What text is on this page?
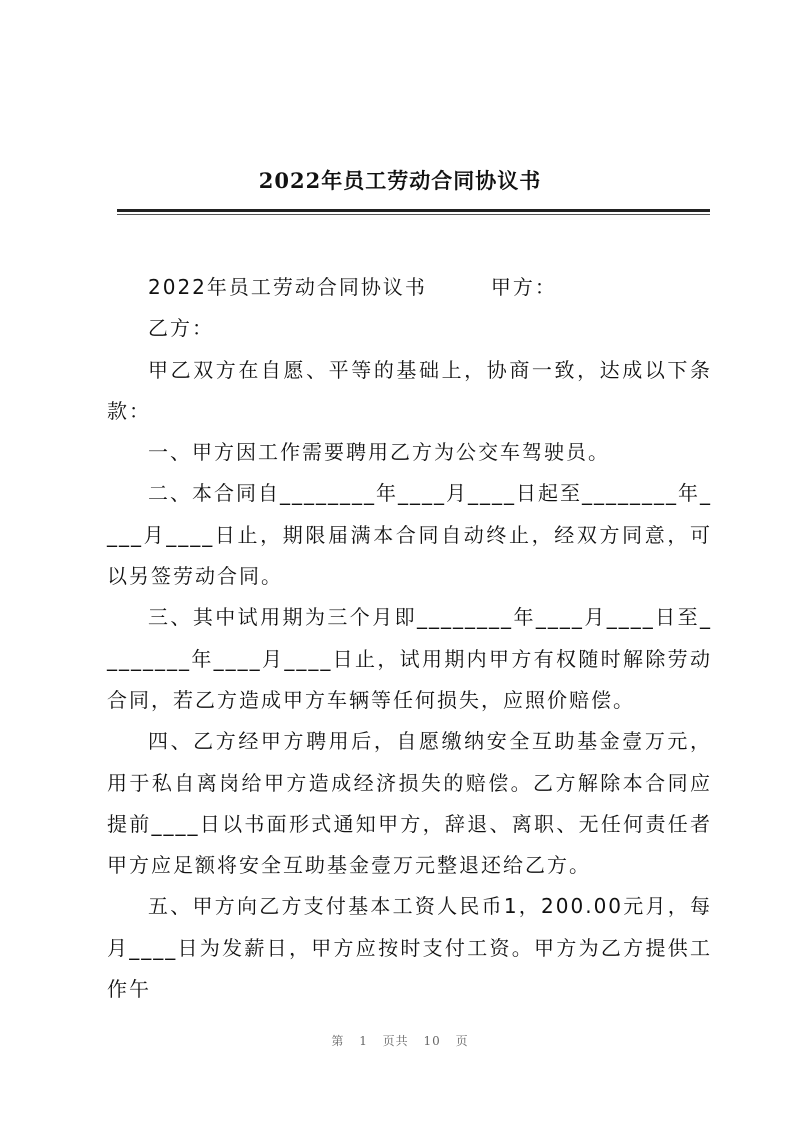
2022年员工劳动合同协议书

2022年员工劳动合同协议书	甲方：

乙方：

甲乙双方在自愿、平等的基础上，协商一致，达成以下条款：

一、甲方因工作需要聘用乙方为公交车驾驶员。

二、本合同自________年____月____日起至________年____月____日止，期限届满本合同自动终止，经双方同意，可以另签劳动合同。

三、其中试用期为三个月即________年____月____日至________年____月____日止，试用期内甲方有权随时解除劳动合同，若乙方造成甲方车辆等任何损失，应照价赔偿。

四、乙方经甲方聘用后，自愿缴纳安全互助基金壹万元，用于私自离岗给甲方造成经济损失的赔偿。乙方解除本合同应提前____日以书面形式通知甲方，辞退、离职、无任何责任者甲方应足额将安全互助基金壹万元整退还给乙方。

五、甲方向乙方支付基本工资人民币1，200.00元月，每月____日为发薪日，甲方应按时支付工资。甲方为乙方提供工作午

第 1 页共 10 页
